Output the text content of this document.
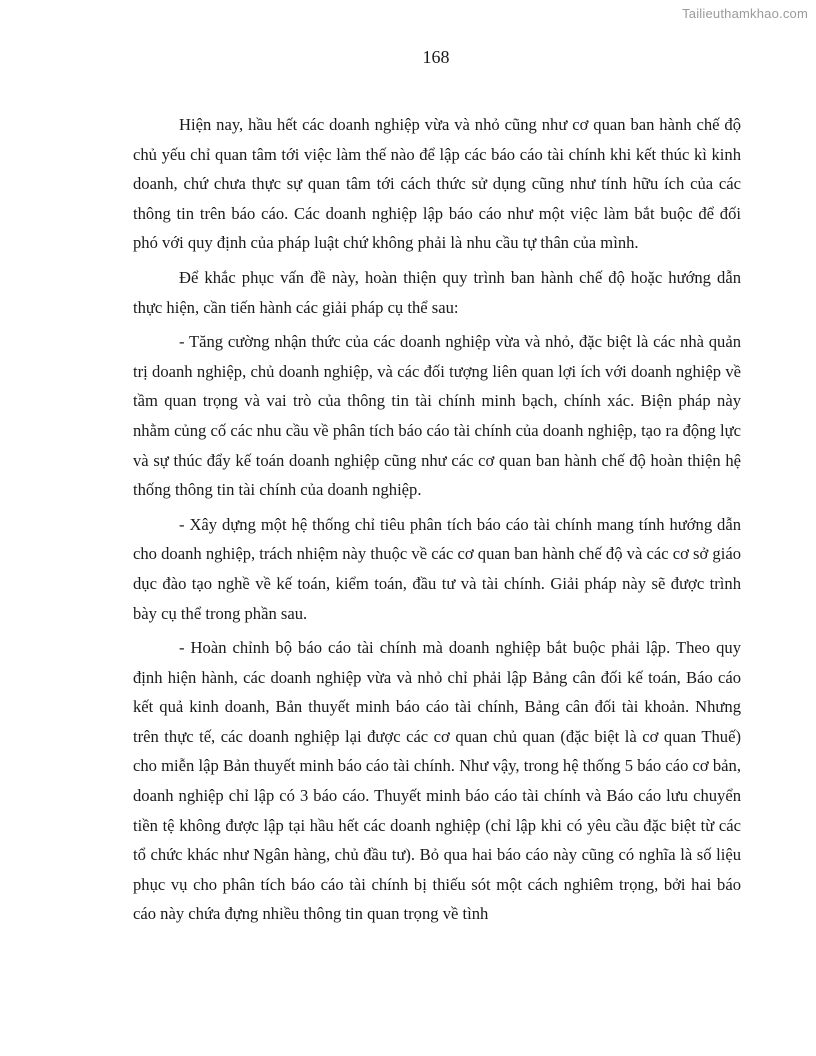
Tailieuthamkhao.com
168

Hiện nay, hầu hết các doanh nghiệp vừa và nhỏ cũng như cơ quan ban hành chế độ chủ yếu chỉ quan tâm tới việc làm thế nào để lập các báo cáo tài chính khi kết thúc kì kinh doanh, chứ chưa thực sự quan tâm tới cách thức sử dụng cũng như tính hữu ích của các thông tin trên báo cáo. Các doanh nghiệp lập báo cáo như một việc làm bắt buộc để đối phó với quy định của pháp luật chứ không phải là nhu cầu tự thân của mình.

Để khắc phục vấn đề này, hoàn thiện quy trình ban hành chế độ hoặc hướng dẫn thực hiện, cần tiến hành các giải pháp cụ thể sau:

- Tăng cường nhận thức của các doanh nghiệp vừa và nhỏ, đặc biệt là các nhà quản trị doanh nghiệp, chủ doanh nghiệp, và các đối tượng liên quan lợi ích với doanh nghiệp về tầm quan trọng và vai trò của thông tin tài chính minh bạch, chính xác. Biện pháp này nhằm củng cố các nhu cầu về phân tích báo cáo tài chính của doanh nghiệp, tạo ra động lực và sự thúc đẩy kế toán doanh nghiệp cũng như các cơ quan ban hành chế độ hoàn thiện hệ thống thông tin tài chính của doanh nghiệp.

- Xây dựng một hệ thống chỉ tiêu phân tích báo cáo tài chính mang tính hướng dẫn cho doanh nghiệp, trách nhiệm này thuộc về các cơ quan ban hành chế độ và các cơ sở giáo dục đào tạo nghề về kế toán, kiểm toán, đầu tư và tài chính. Giải pháp này sẽ được trình bày cụ thể trong phần sau.

- Hoàn chỉnh bộ báo cáo tài chính mà doanh nghiệp bắt buộc phải lập. Theo quy định hiện hành, các doanh nghiệp vừa và nhỏ chỉ phải lập Bảng cân đối kế toán, Báo cáo kết quả kinh doanh, Bản thuyết minh báo cáo tài chính, Bảng cân đối tài khoản. Nhưng trên thực tế, các doanh nghiệp lại được các cơ quan chủ quan (đặc biệt là cơ quan Thuế) cho miễn lập Bản thuyết minh báo cáo tài chính. Như vậy, trong hệ thống 5 báo cáo cơ bản, doanh nghiệp chỉ lập có 3 báo cáo. Thuyết minh báo cáo tài chính và Báo cáo lưu chuyển tiền tệ không được lập tại hầu hết các doanh nghiệp (chỉ lập khi có yêu cầu đặc biệt từ các tổ chức khác như Ngân hàng, chủ đầu tư). Bỏ qua hai báo cáo này cũng có nghĩa là số liệu phục vụ cho phân tích báo cáo tài chính bị thiếu sót một cách nghiêm trọng, bởi hai báo cáo này chứa đựng nhiều thông tin quan trọng về tình
